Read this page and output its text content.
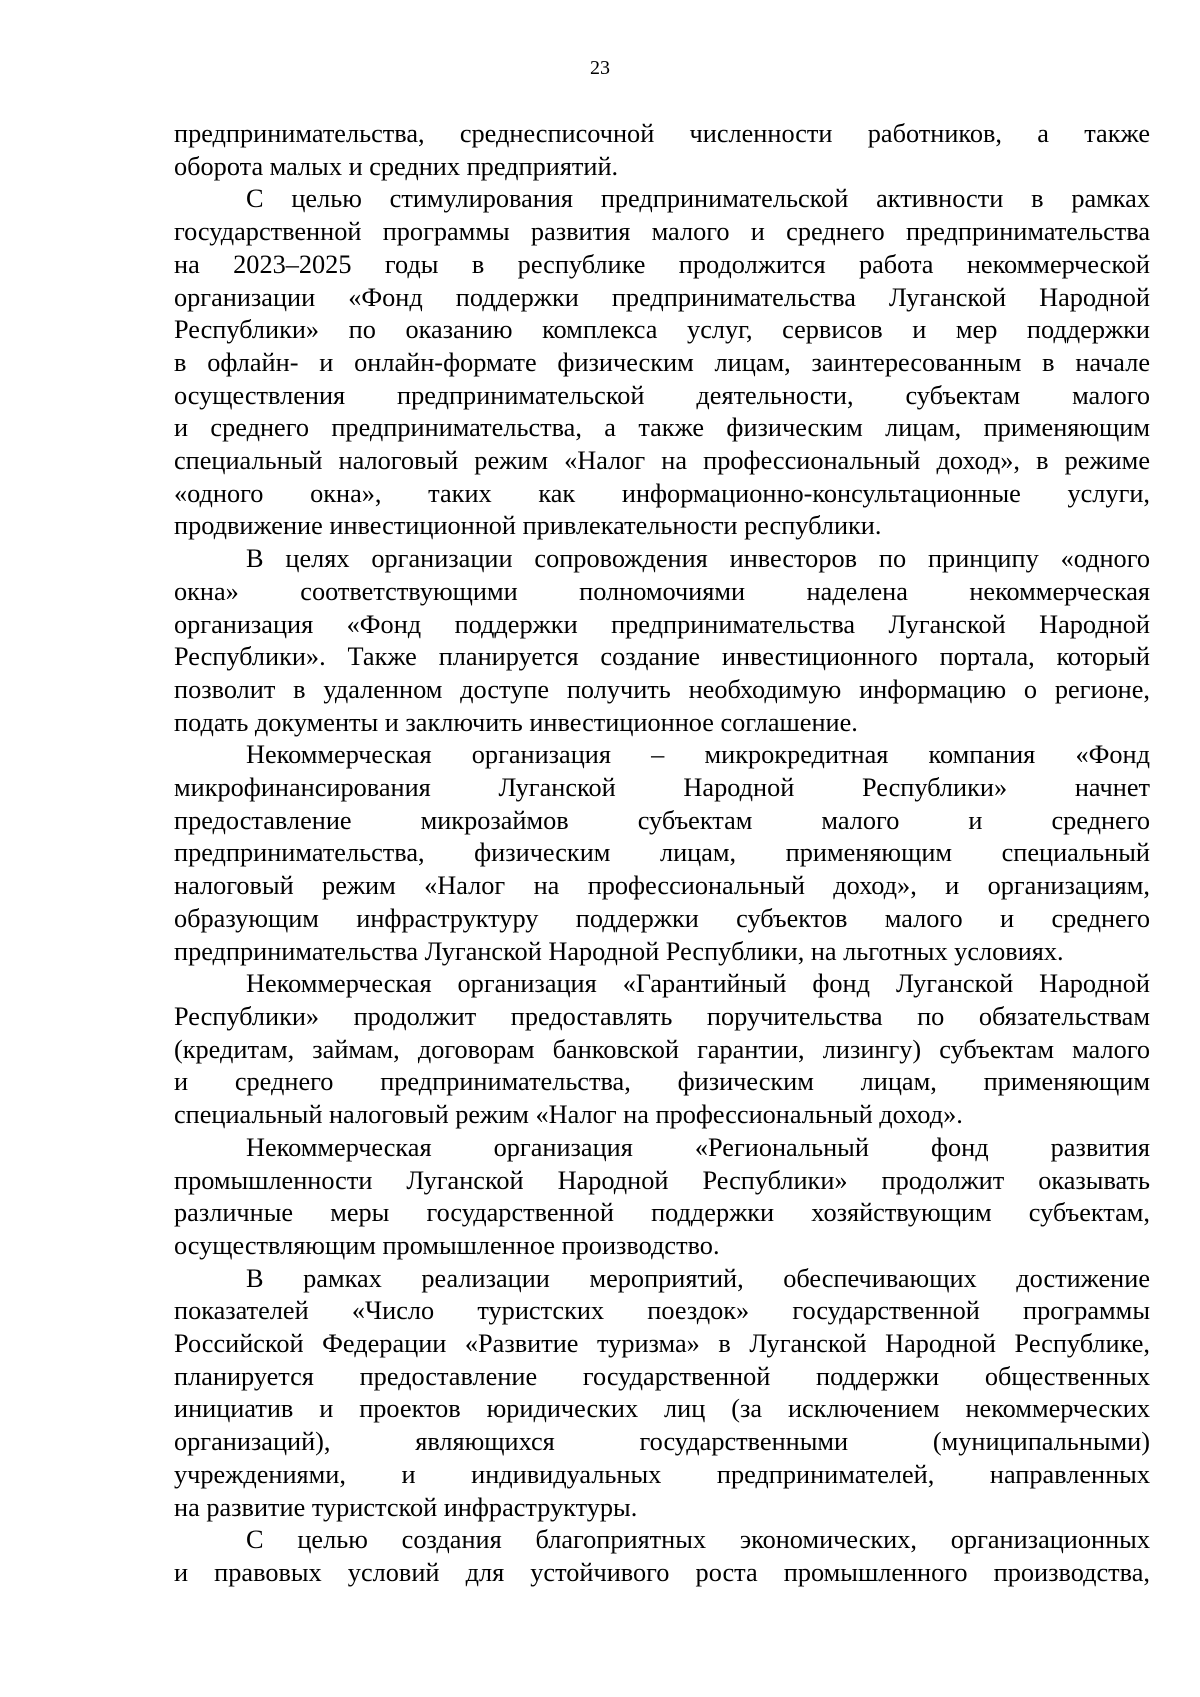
23
предпринимательства, среднесписочной численности работников, а также
оборота малых и средних предприятий.
С целью стимулирования предпринимательской активности в рамках
государственной программы развития малого и среднего предпринимательства
на 2023–2025 годы в республике продолжится работа некоммерческой
организации «Фонд поддержки предпринимательства Луганской Народной
Республики» по оказанию комплекса услуг, сервисов и мер поддержки
в офлайн- и онлайн-формате физическим лицам, заинтересованным в начале
осуществления предпринимательской деятельности, субъектам малого
и среднего предпринимательства, а также физическим лицам, применяющим
специальный налоговый режим «Налог на профессиональный доход», в режиме
«одного окна», таких как информационно-консультационные услуги,
продвижение инвестиционной привлекательности республики.
В целях организации сопровождения инвесторов по принципу «одного
окна» соответствующими полномочиями наделена некоммерческая
организация «Фонд поддержки предпринимательства Луганской Народной
Республики». Также планируется создание инвестиционного портала, который
позволит в удаленном доступе получить необходимую информацию о регионе,
подать документы и заключить инвестиционное соглашение.
Некоммерческая организация – микрокредитная компания «Фонд
микрофинансирования Луганской Народной Республики» начнет
предоставление микрозаймов субъектам малого и среднего
предпринимательства, физическим лицам, применяющим специальный
налоговый режим «Налог на профессиональный доход», и организациям,
образующим инфраструктуру поддержки субъектов малого и среднего
предпринимательства Луганской Народной Республики, на льготных условиях.
Некоммерческая организация «Гарантийный фонд Луганской Народной
Республики» продолжит предоставлять поручительства по обязательствам
(кредитам, займам, договорам банковской гарантии, лизингу) субъектам малого
и среднего предпринимательства, физическим лицам, применяющим
специальный налоговый режим «Налог на профессиональный доход».
Некоммерческая организация «Региональный фонд развития
промышленности Луганской Народной Республики» продолжит оказывать
различные меры государственной поддержки хозяйствующим субъектам,
осуществляющим промышленное производство.
В рамках реализации мероприятий, обеспечивающих достижение
показателей «Число туристских поездок» государственной программы
Российской Федерации «Развитие туризма» в Луганской Народной Республике,
планируется предоставление государственной поддержки общественных
инициатив и проектов юридических лиц (за исключением некоммерческих
организаций), являющихся государственными (муниципальными)
учреждениями, и индивидуальных предпринимателей, направленных
на развитие туристской инфраструктуры.
С целью создания благоприятных экономических, организационных
и правовых условий для устойчивого роста промышленного производства,
